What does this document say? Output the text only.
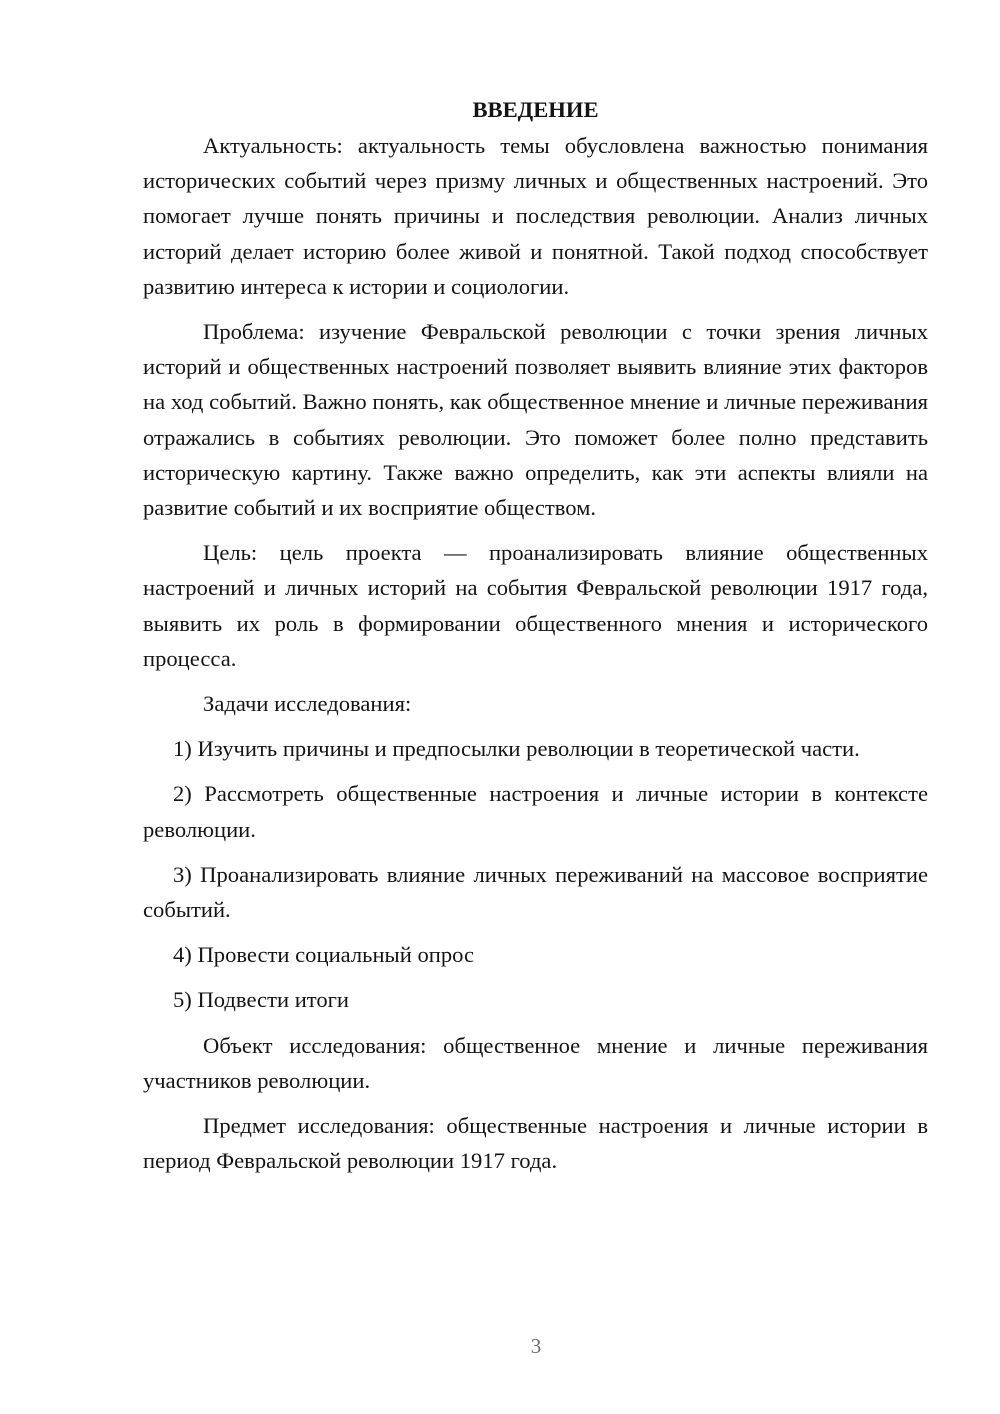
ВВЕДЕНИЕ

Актуальность: актуальность темы обусловлена важностью понимания исторических событий через призму личных и общественных настроений. Это помогает лучше понять причины и последствия революции. Анализ личных историй делает историю более живой и понятной. Такой подход способствует развитию интереса к истории и социологии.

Проблема: изучение Февральской революции с точки зрения личных историй и общественных настроений позволяет выявить влияние этих факторов на ход событий. Важно понять, как общественное мнение и личные переживания отражались в событиях революции. Это поможет более полно представить историческую картину. Также важно определить, как эти аспекты влияли на развитие событий и их восприятие обществом.

Цель: цель проекта — проанализировать влияние общественных настроений и личных историй на события Февральской революции 1917 года, выявить их роль в формировании общественного мнения и исторического процесса.

Задачи исследования:

1) Изучить причины и предпосылки революции в теоретической части.

2) Рассмотреть общественные настроения и личные истории в контексте революции.

3) Проанализировать влияние личных переживаний на массовое восприятие событий.

4) Провести социальный опрос

5) Подвести итоги

Объект исследования: общественное мнение и личные переживания участников революции.

Предмет исследования: общественные настроения и личные истории в период Февральской революции 1917 года.

3
